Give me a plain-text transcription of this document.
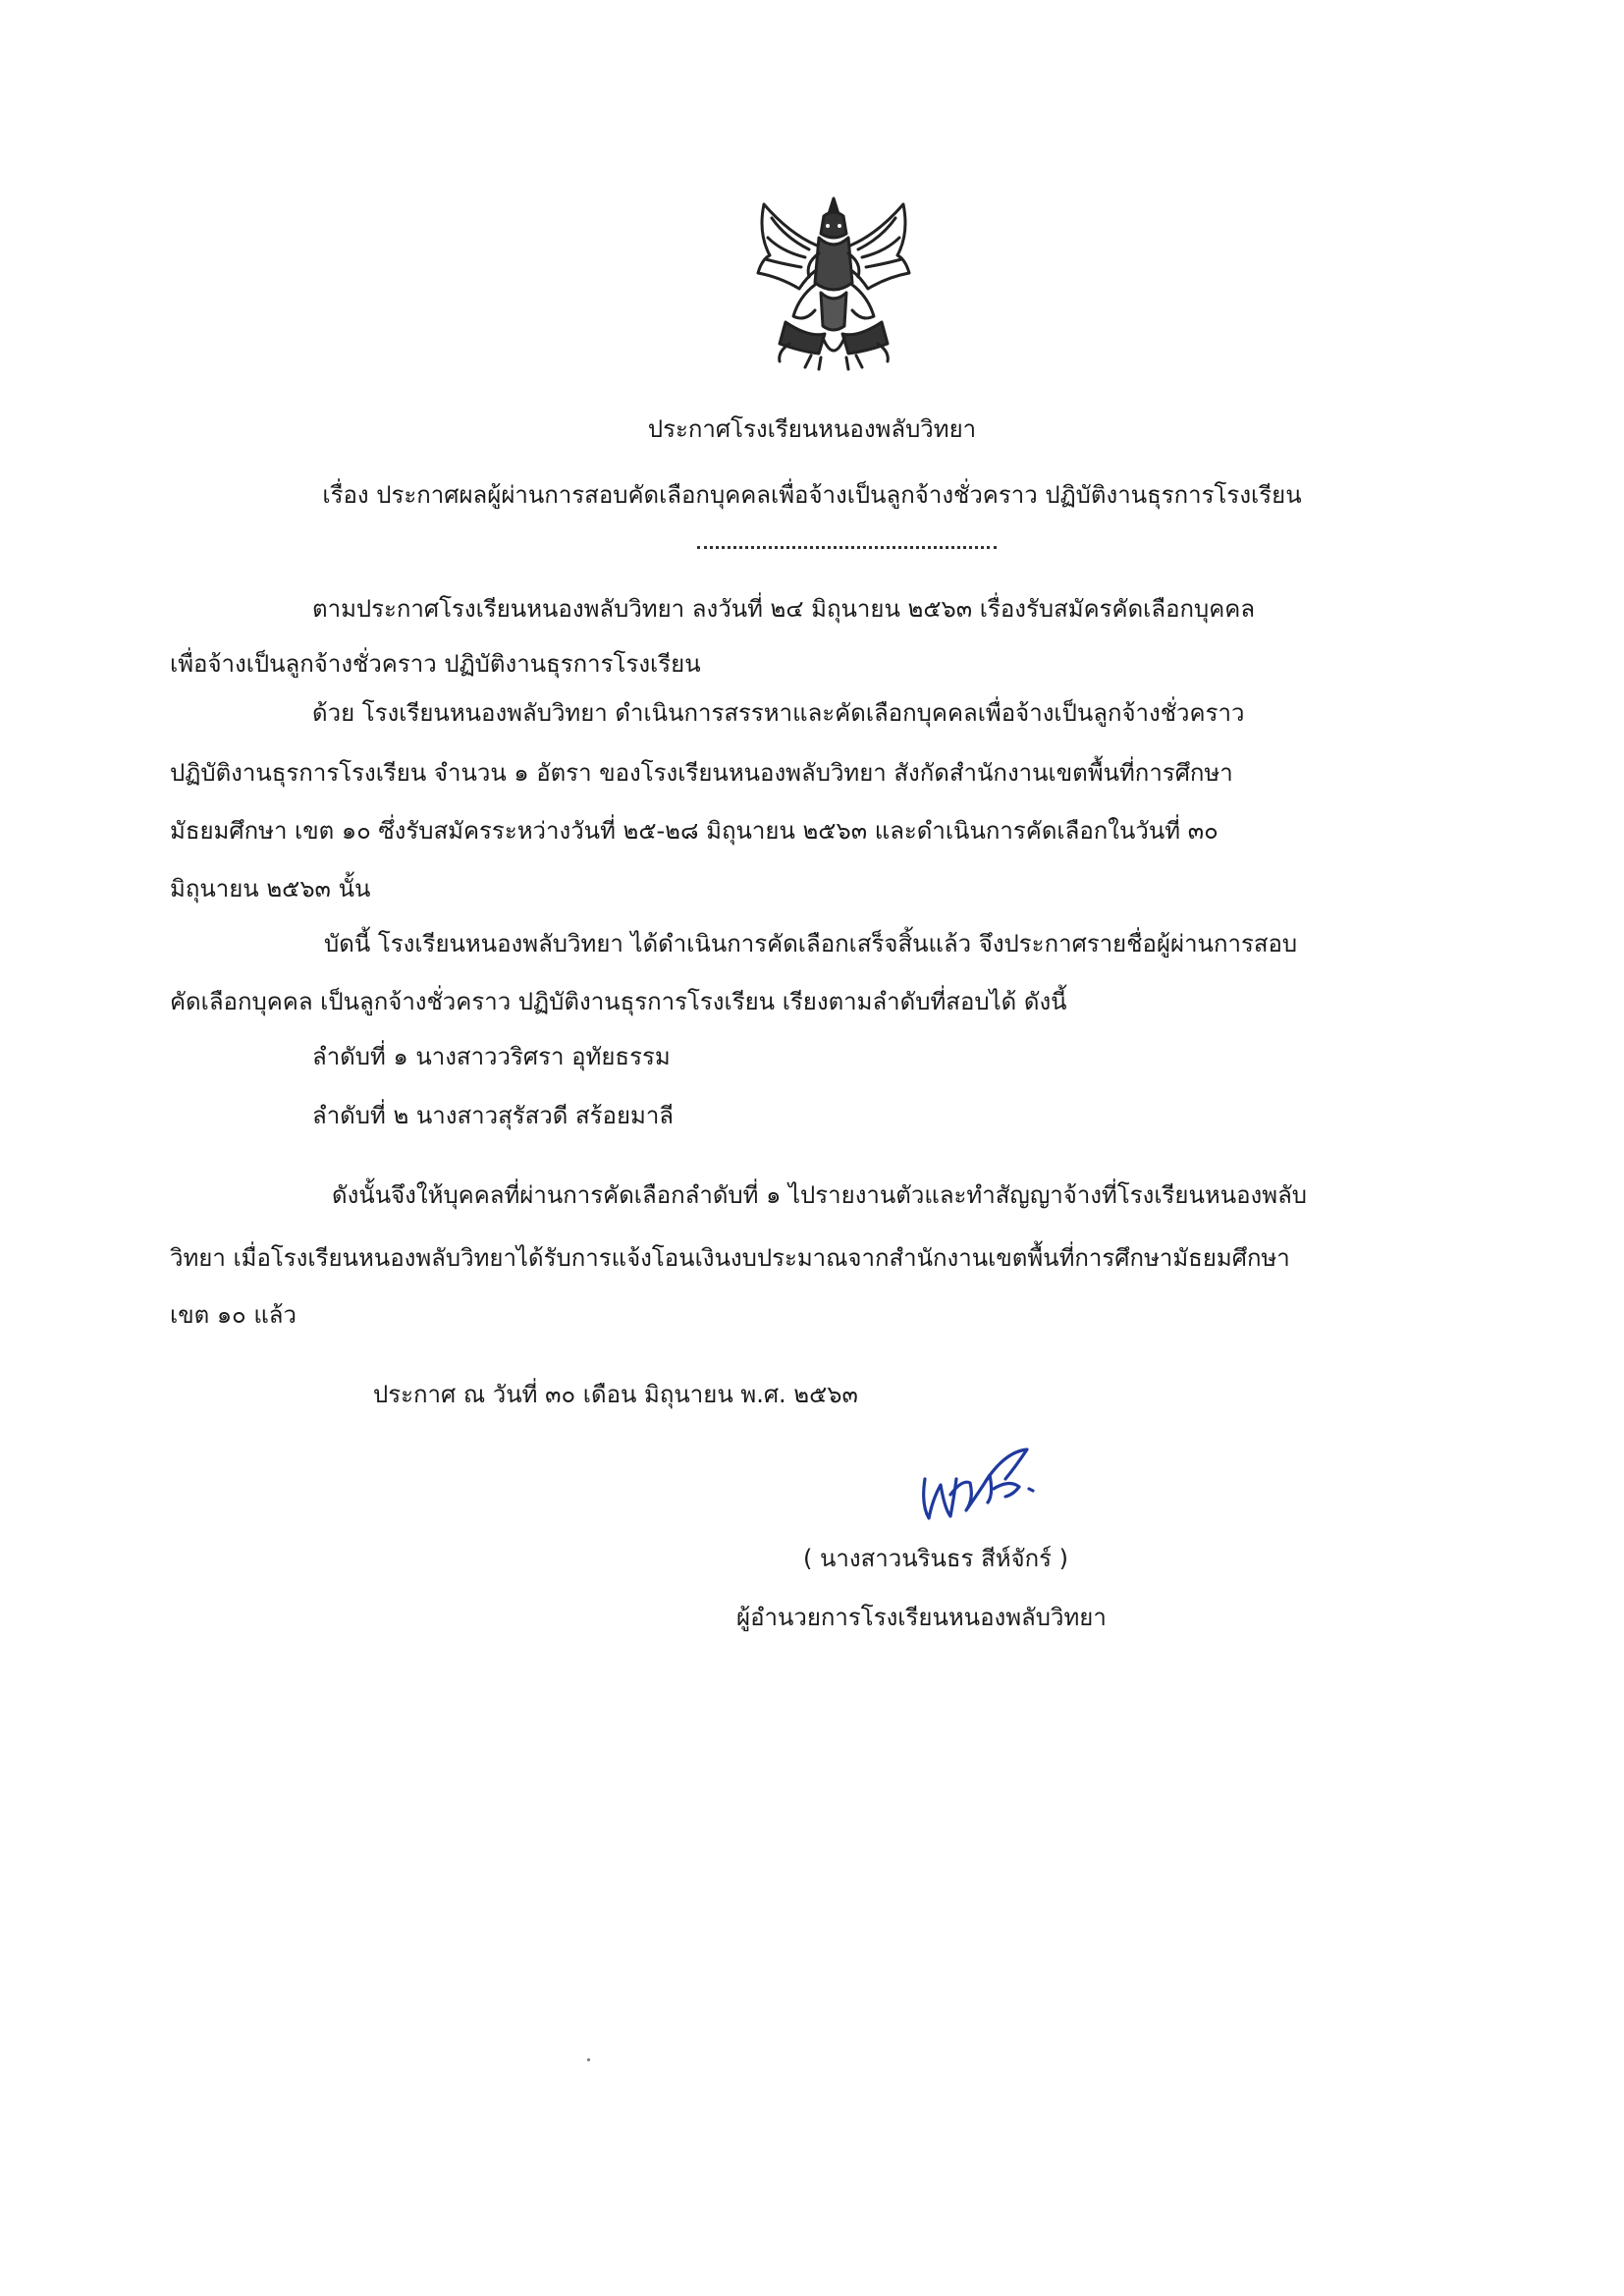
ประกาศโรงเรียนหนองพลับวิทยา
เรื่อง ประกาศผลผู้ผ่านการสอบคัดเลือกบุคคลเพื่อจ้างเป็นลูกจ้างชั่วคราว ปฏิบัติงานธุรการโรงเรียน
ตามประกาศโรงเรียนหนองพลับวิทยา ลงวันที่ ๒๔ มิถุนายน ๒๕๖๓ เรื่องรับสมัครคัดเลือกบุคคล
เพื่อจ้างเป็นลูกจ้างชั่วคราว ปฏิบัติงานธุรการโรงเรียน
ด้วย โรงเรียนหนองพลับวิทยา ดำเนินการสรรหาและคัดเลือกบุคคลเพื่อจ้างเป็นลูกจ้างชั่วคราว
ปฏิบัติงานธุรการโรงเรียน จำนวน ๑ อัตรา ของโรงเรียนหนองพลับวิทยา สังกัดสำนักงานเขตพื้นที่การศึกษา
มัธยมศึกษา เขต ๑๐ ซึ่งรับสมัครระหว่างวันที่ ๒๕-๒๘ มิถุนายน ๒๕๖๓ และดำเนินการคัดเลือกในวันที่ ๓๐
มิถุนายน ๒๕๖๓ นั้น
บัดนี้ โรงเรียนหนองพลับวิทยา ได้ดำเนินการคัดเลือกเสร็จสิ้นแล้ว จึงประกาศรายชื่อผู้ผ่านการสอบ
คัดเลือกบุคคล เป็นลูกจ้างชั่วคราว ปฏิบัติงานธุรการโรงเรียน เรียงตามลำดับที่สอบได้ ดังนี้
ลำดับที่ ๑ นางสาววริศรา อุทัยธรรม
ลำดับที่ ๒ นางสาวสุรัสวดี สร้อยมาลี
ดังนั้นจึงให้บุคคลที่ผ่านการคัดเลือกลำดับที่ ๑ ไปรายงานตัวและทำสัญญาจ้างที่โรงเรียนหนองพลับ
วิทยา เมื่อโรงเรียนหนองพลับวิทยาได้รับการแจ้งโอนเงินงบประมาณจากสำนักงานเขตพื้นที่การศึกษามัธยมศึกษา
เขต ๑๐ แล้ว
ประกาศ ณ วันที่ ๓๐ เดือน มิถุนายน พ.ศ. ๒๕๖๓
( นางสาวนรินธร สีห์จักร์ )
ผู้อำนวยการโรงเรียนหนองพลับวิทยา
